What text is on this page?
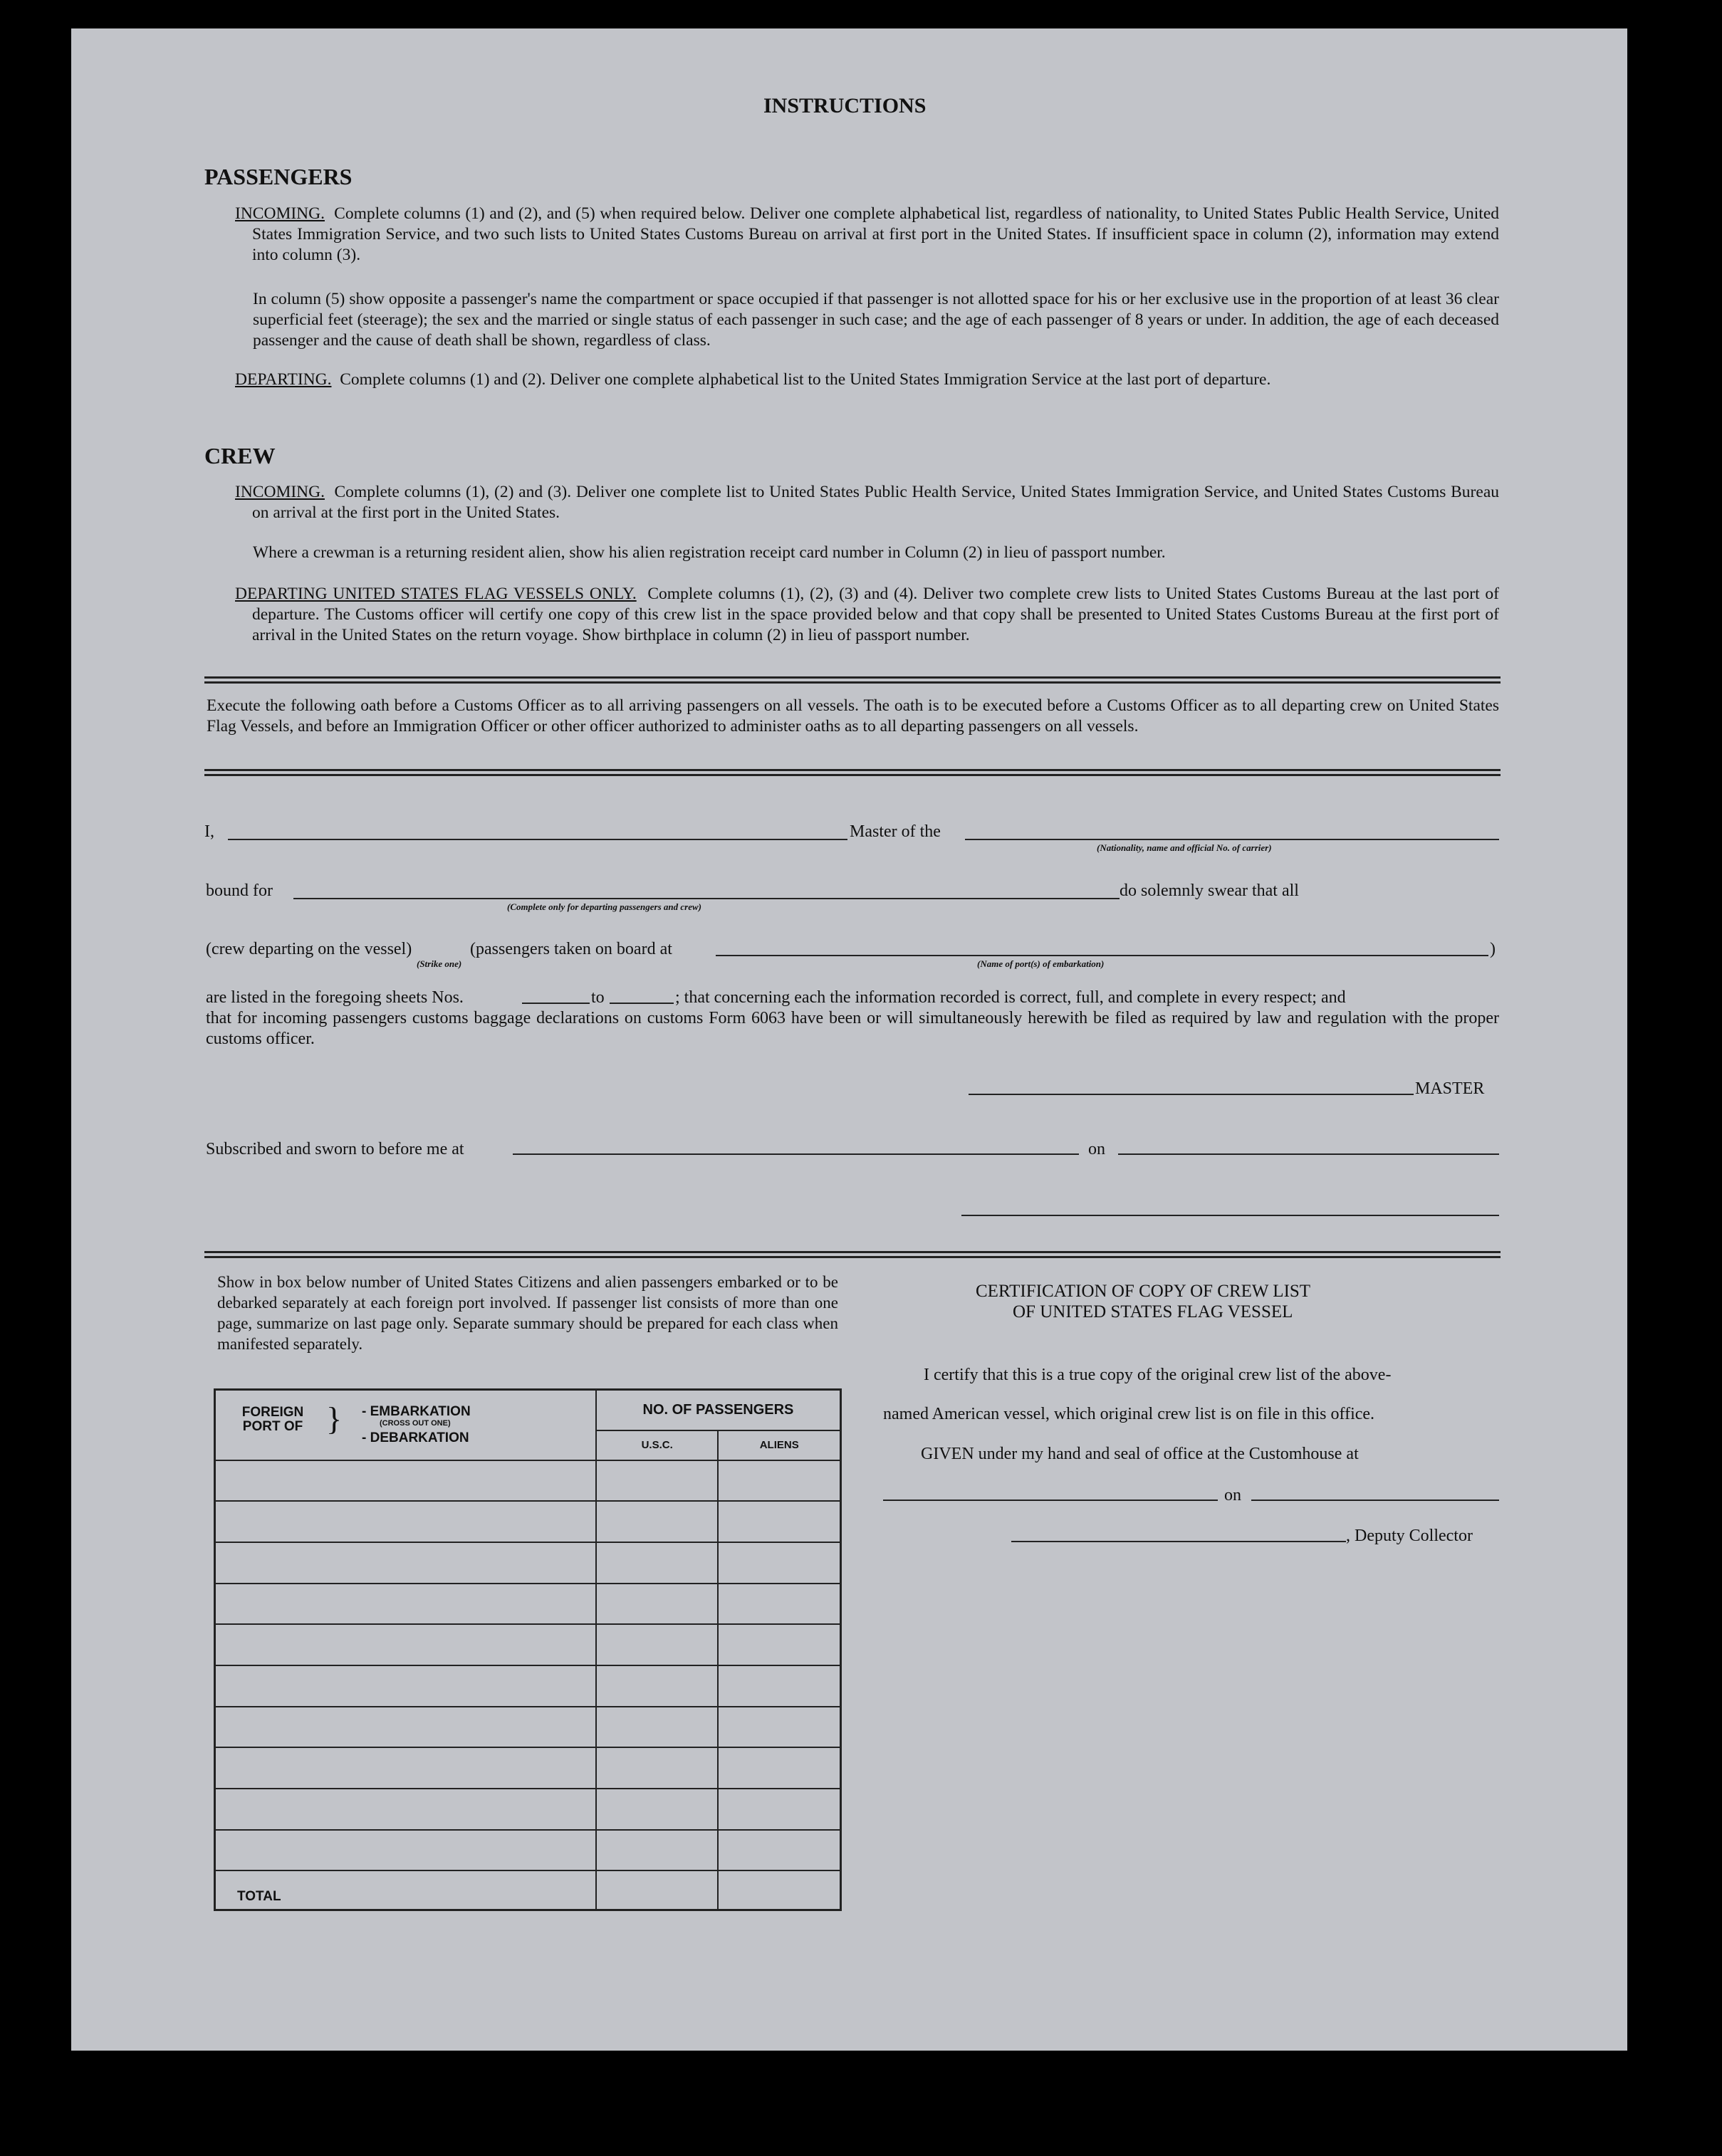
INSTRUCTIONS
PASSENGERS

INCOMING. Complete columns (1) and (2), and (5) when required below. Deliver one complete alphabetical list, regardless of nationality, to United States Public Health Service, United States Immigration Service, and two such lists to United States Customs Bureau on arrival at first port in the United States. If insufficient space in column (2), information may extend into column (3).

In column (5) show opposite a passenger's name the compartment or space occupied if that passenger is not allotted space for his or her exclusive use in the proportion of at least 36 clear superficial feet (steerage); the sex and the married or single status of each passenger in such case; and the age of each passenger of 8 years or under. In addition, the age of each deceased passenger and the cause of death shall be shown, regardless of class.

DEPARTING. Complete columns (1) and (2). Deliver one complete alphabetical list to the United States Immigration Service at the last port of departure.

CREW

INCOMING. Complete columns (1), (2) and (3). Deliver one complete list to United States Public Health Service, United States Immigration Service, and United States Customs Bureau on arrival at the first port in the United States.

Where a crewman is a returning resident alien, show his alien registration receipt card number in Column (2) in lieu of passport number.

DEPARTING UNITED STATES FLAG VESSELS ONLY. Complete columns (1), (2), (3) and (4). Deliver two complete crew lists to United States Customs Bureau at the last port of departure. The Customs officer will certify one copy of this crew list in the space provided below and that copy shall be presented to United States Customs Bureau at the first port of arrival in the United States on the return voyage. Show birthplace in column (2) in lieu of passport number.

Execute the following oath before a Customs Officer as to all arriving passengers on all vessels. The oath is to be executed before a Customs Officer as to all departing crew on United States Flag Vessels, and before an Immigration Officer or other officer authorized to administer oaths as to all departing passengers on all vessels.
I,	Master of the
(Nationality, name and official No. of carrier)
bound for
(Complete only for departing passengers and crew)
do solemnly swear that all
(crew departing on the vessel)	(passengers taken on board at	)
(Strike one)	(Name of port(s) of embarkation)
are listed in the foregoing sheets Nos.	to	; that concerning each the information recorded is correct, full, and complete in every respect; and
that for incoming passengers customs baggage declarations on customs Form 6063 have been or will simultaneously herewith be filed as required by law and regulation with the proper customs officer.
MASTER
Subscribed and sworn to before me at	on
Show in box below number of United States Citizens and alien passengers embarked or to be debarked separately at each foreign port involved. If passenger list consists of more than one page, summarize on last page only. Separate summary should be prepared for each class when manifested separately.
FOREIGN PORT OF } - EMBARKATION
(CROSS OUT ONE)
- DEBARKATION	NO. OF PASSENGERS	
	U.S.C.	ALIENS

TOTAL		
CERTIFICATION OF COPY OF CREW LIST
OF UNITED STATES FLAG VESSEL
I certify that this is a true copy of the original crew list of the above-
named American vessel, which original crew list is on file in this office.
GIVEN under my hand and seal of office at the Customhouse at
on
, Deputy Collector
